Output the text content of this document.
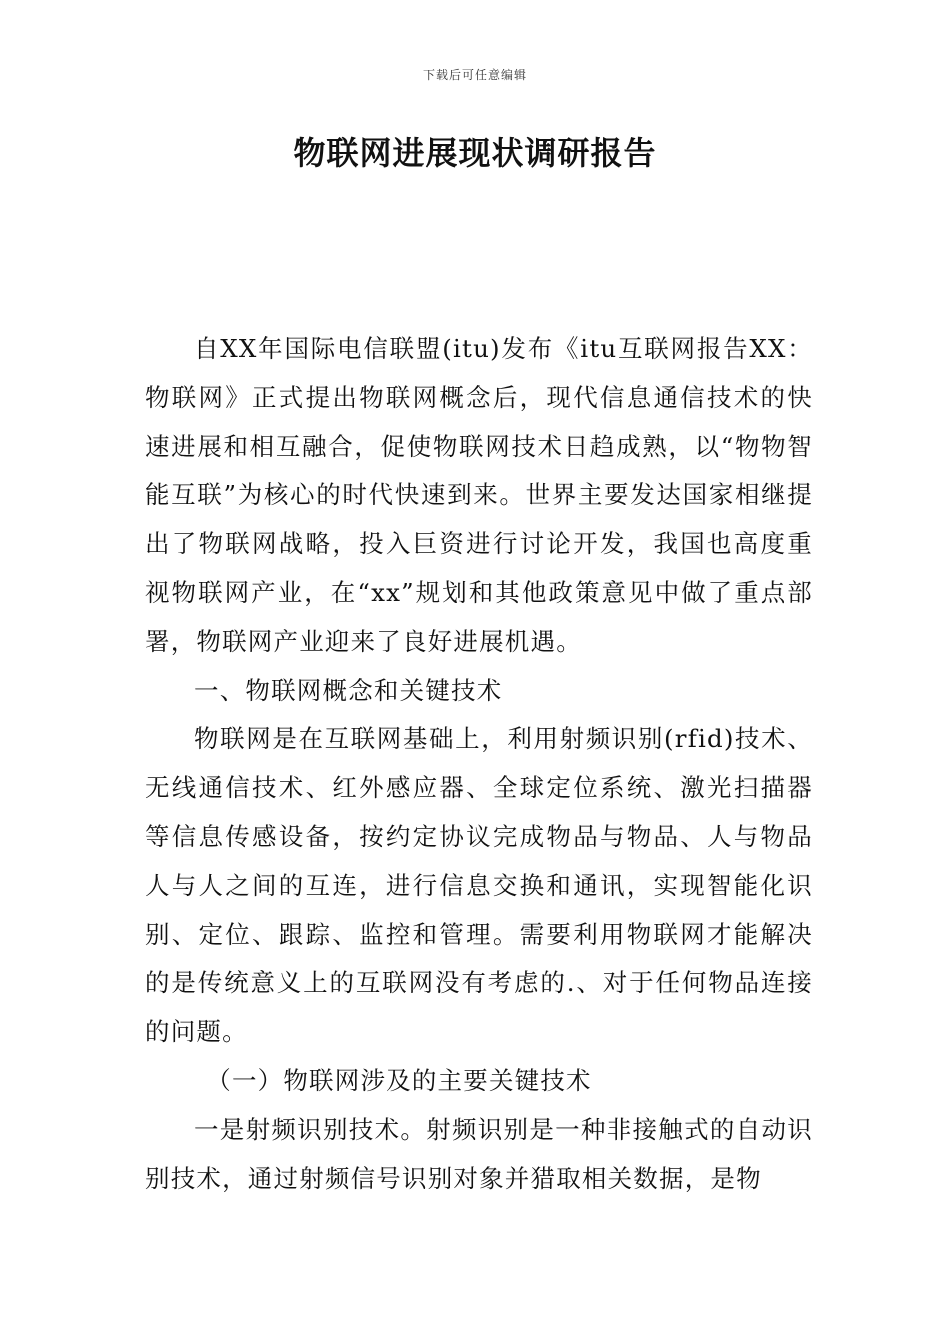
下载后可任意编辑
物联网进展现状调研报告

自XX年国际电信联盟(itu)发布《itu互联网报告XX：物联网》正式提出物联网概念后，现代信息通信技术的快速进展和相互融合，促使物联网技术日趋成熟，以“物物智能互联”为核心的时代快速到来。世界主要发达国家相继提出了物联网战略，投入巨资进行讨论开发，我国也高度重视物联网产业，在“xx”规划和其他政策意见中做了重点部署，物联网产业迎来了良好进展机遇。

一、物联网概念和关键技术

物联网是在互联网基础上，利用射频识别(rfid)技术、无线通信技术、红外感应器、全球定位系统、激光扫描器等信息传感设备，按约定协议完成物品与物品、人与物品人与人之间的互连，进行信息交换和通讯，实现智能化识别、定位、跟踪、监控和管理。需要利用物联网才能解决的是传统意义上的互联网没有考虑的.、对于任何物品连接的问题。

（一）物联网涉及的主要关键技术

一是射频识别技术。射频识别是一种非接触式的自动识别技术，通过射频信号识别对象并猎取相关数据，是物
